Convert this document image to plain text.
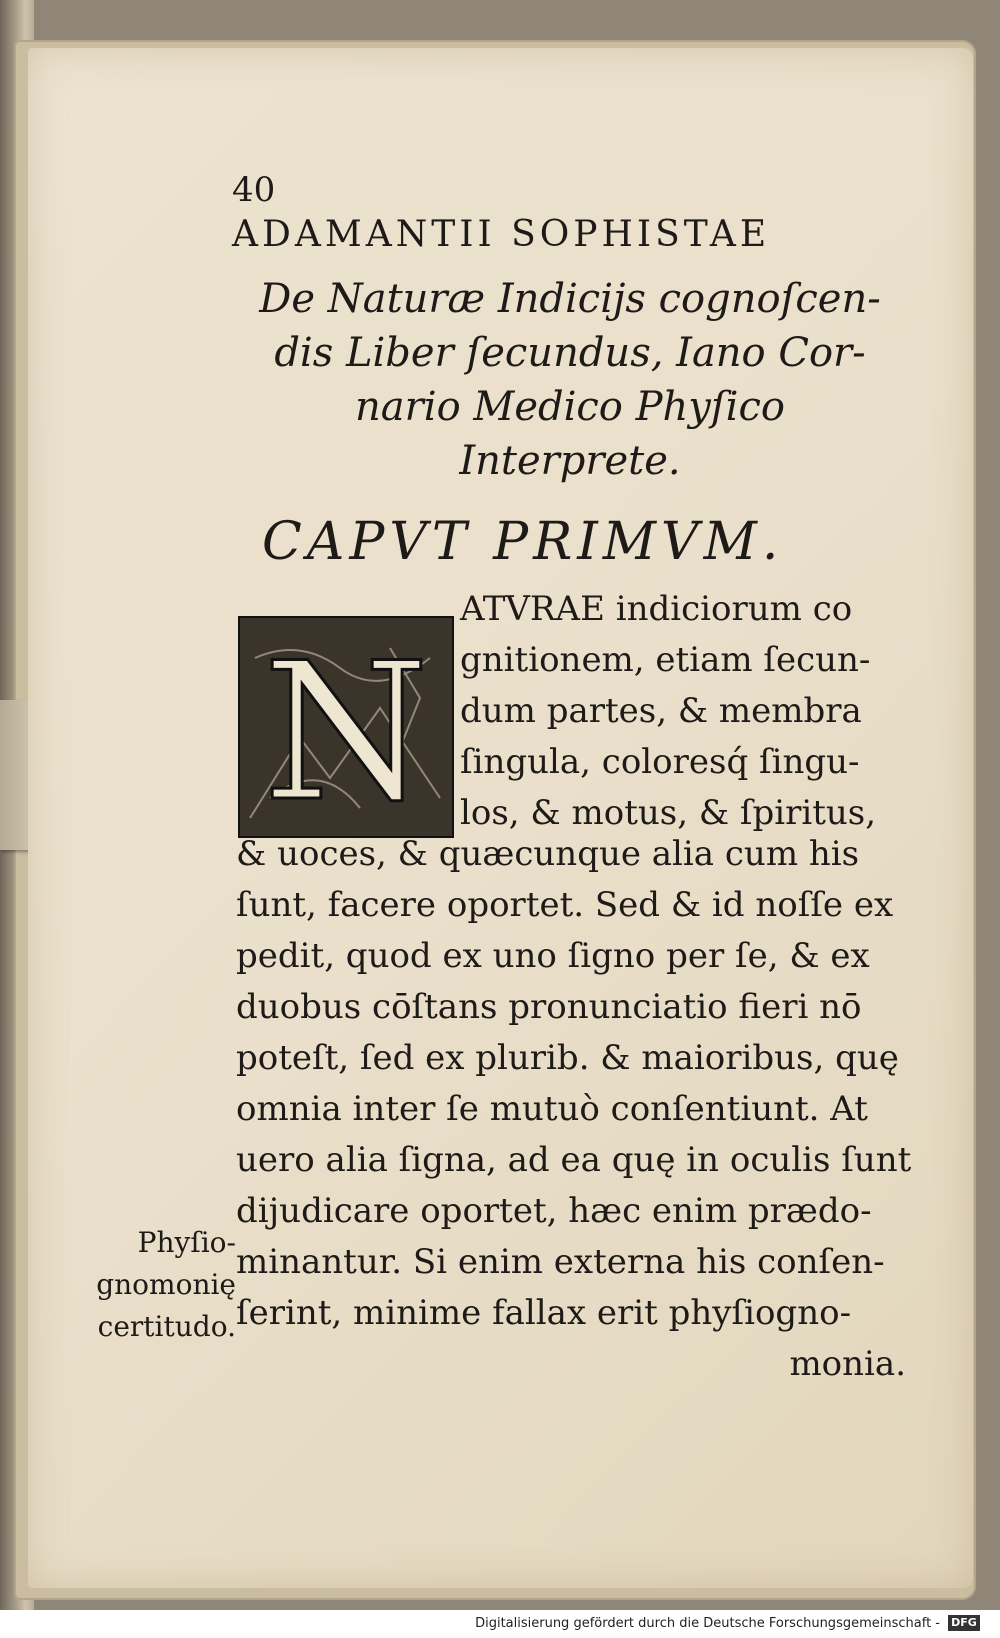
40
ADAMANTII SOPHISTAE
De Naturæ Indicijs cognoſcen-
dis Liber ſecundus, Iano Cor-
nario Medico Phyſico
Interprete.
CAPVT PRIMVM.
N
ATVRAE indiciorum co
gnitionem, etiam ſecun-
dum partes, & membra
ſingula, coloresq́ ſingu-
los, & motus, & ſpiritus,
& uoces, & quæcunque alia cum his
ſunt, facere oportet. Sed & id noſſe ex
pedit, quod ex uno ſigno per ſe, & ex
duobus cōſtans pronunciatio fieri nō
poteſt, ſed ex plurib. & maioribus, quę
omnia inter ſe mutuò conſentiunt. At
uero alia ſigna, ad ea quę in oculis ſunt
dijudicare oportet, hæc enim prædo-
minantur. Si enim externa his conſen-
ſerint, minime fallax erit phyſiogno-
monia.
Phyſio-
gnomonię
certitudo.
Digitalisierung gefördert durch die Deutsche Forschungsgemeinschaft - DFG
